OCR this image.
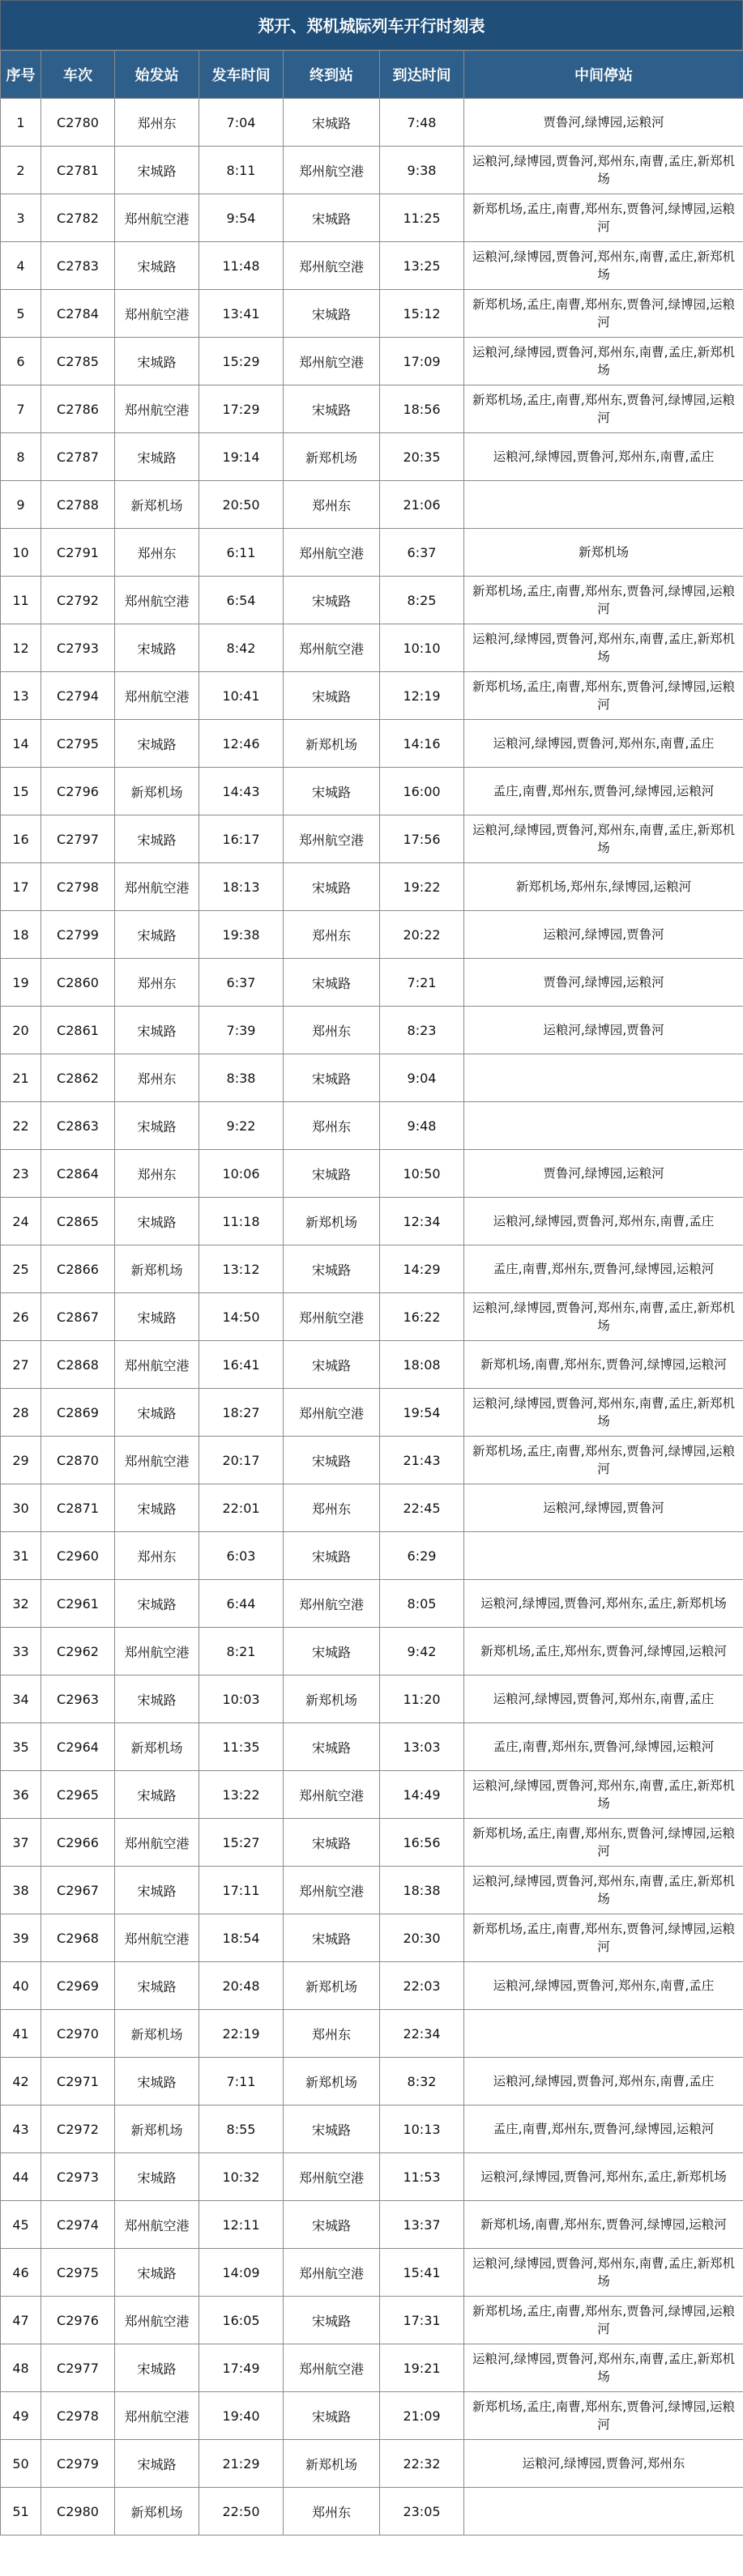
郑开、郑机城际列车开行时刻表
序号	车次	始发站	发车时间	终到站	到达时间	中间停站
1	C2780	郑州东	7:04	宋城路	7:48	贾鲁河,绿博园,运粮河
2	C2781	宋城路	8:11	郑州航空港	9:38	运粮河,绿博园,贾鲁河,郑州东,南曹,孟庄,新郑机场
3	C2782	郑州航空港	9:54	宋城路	11:25	新郑机场,孟庄,南曹,郑州东,贾鲁河,绿博园,运粮河
4	C2783	宋城路	11:48	郑州航空港	13:25	运粮河,绿博园,贾鲁河,郑州东,南曹,孟庄,新郑机场
5	C2784	郑州航空港	13:41	宋城路	15:12	新郑机场,孟庄,南曹,郑州东,贾鲁河,绿博园,运粮河
6	C2785	宋城路	15:29	郑州航空港	17:09	运粮河,绿博园,贾鲁河,郑州东,南曹,孟庄,新郑机场
7	C2786	郑州航空港	17:29	宋城路	18:56	新郑机场,孟庄,南曹,郑州东,贾鲁河,绿博园,运粮河
8	C2787	宋城路	19:14	新郑机场	20:35	运粮河,绿博园,贾鲁河,郑州东,南曹,孟庄
9	C2788	新郑机场	20:50	郑州东	21:06	
10	C2791	郑州东	6:11	郑州航空港	6:37	新郑机场
11	C2792	郑州航空港	6:54	宋城路	8:25	新郑机场,孟庄,南曹,郑州东,贾鲁河,绿博园,运粮河
12	C2793	宋城路	8:42	郑州航空港	10:10	运粮河,绿博园,贾鲁河,郑州东,南曹,孟庄,新郑机场
13	C2794	郑州航空港	10:41	宋城路	12:19	新郑机场,孟庄,南曹,郑州东,贾鲁河,绿博园,运粮河
14	C2795	宋城路	12:46	新郑机场	14:16	运粮河,绿博园,贾鲁河,郑州东,南曹,孟庄
15	C2796	新郑机场	14:43	宋城路	16:00	孟庄,南曹,郑州东,贾鲁河,绿博园,运粮河
16	C2797	宋城路	16:17	郑州航空港	17:56	运粮河,绿博园,贾鲁河,郑州东,南曹,孟庄,新郑机场
17	C2798	郑州航空港	18:13	宋城路	19:22	新郑机场,郑州东,绿博园,运粮河
18	C2799	宋城路	19:38	郑州东	20:22	运粮河,绿博园,贾鲁河
19	C2860	郑州东	6:37	宋城路	7:21	贾鲁河,绿博园,运粮河
20	C2861	宋城路	7:39	郑州东	8:23	运粮河,绿博园,贾鲁河
21	C2862	郑州东	8:38	宋城路	9:04	
22	C2863	宋城路	9:22	郑州东	9:48	
23	C2864	郑州东	10:06	宋城路	10:50	贾鲁河,绿博园,运粮河
24	C2865	宋城路	11:18	新郑机场	12:34	运粮河,绿博园,贾鲁河,郑州东,南曹,孟庄
25	C2866	新郑机场	13:12	宋城路	14:29	孟庄,南曹,郑州东,贾鲁河,绿博园,运粮河
26	C2867	宋城路	14:50	郑州航空港	16:22	运粮河,绿博园,贾鲁河,郑州东,南曹,孟庄,新郑机场
27	C2868	郑州航空港	16:41	宋城路	18:08	新郑机场,南曹,郑州东,贾鲁河,绿博园,运粮河
28	C2869	宋城路	18:27	郑州航空港	19:54	运粮河,绿博园,贾鲁河,郑州东,南曹,孟庄,新郑机场
29	C2870	郑州航空港	20:17	宋城路	21:43	新郑机场,孟庄,南曹,郑州东,贾鲁河,绿博园,运粮河
30	C2871	宋城路	22:01	郑州东	22:45	运粮河,绿博园,贾鲁河
31	C2960	郑州东	6:03	宋城路	6:29	
32	C2961	宋城路	6:44	郑州航空港	8:05	运粮河,绿博园,贾鲁河,郑州东,孟庄,新郑机场
33	C2962	郑州航空港	8:21	宋城路	9:42	新郑机场,孟庄,郑州东,贾鲁河,绿博园,运粮河
34	C2963	宋城路	10:03	新郑机场	11:20	运粮河,绿博园,贾鲁河,郑州东,南曹,孟庄
35	C2964	新郑机场	11:35	宋城路	13:03	孟庄,南曹,郑州东,贾鲁河,绿博园,运粮河
36	C2965	宋城路	13:22	郑州航空港	14:49	运粮河,绿博园,贾鲁河,郑州东,南曹,孟庄,新郑机场
37	C2966	郑州航空港	15:27	宋城路	16:56	新郑机场,孟庄,南曹,郑州东,贾鲁河,绿博园,运粮河
38	C2967	宋城路	17:11	郑州航空港	18:38	运粮河,绿博园,贾鲁河,郑州东,南曹,孟庄,新郑机场
39	C2968	郑州航空港	18:54	宋城路	20:30	新郑机场,孟庄,南曹,郑州东,贾鲁河,绿博园,运粮河
40	C2969	宋城路	20:48	新郑机场	22:03	运粮河,绿博园,贾鲁河,郑州东,南曹,孟庄
41	C2970	新郑机场	22:19	郑州东	22:34	
42	C2971	宋城路	7:11	新郑机场	8:32	运粮河,绿博园,贾鲁河,郑州东,南曹,孟庄
43	C2972	新郑机场	8:55	宋城路	10:13	孟庄,南曹,郑州东,贾鲁河,绿博园,运粮河
44	C2973	宋城路	10:32	郑州航空港	11:53	运粮河,绿博园,贾鲁河,郑州东,孟庄,新郑机场
45	C2974	郑州航空港	12:11	宋城路	13:37	新郑机场,南曹,郑州东,贾鲁河,绿博园,运粮河
46	C2975	宋城路	14:09	郑州航空港	15:41	运粮河,绿博园,贾鲁河,郑州东,南曹,孟庄,新郑机场
47	C2976	郑州航空港	16:05	宋城路	17:31	新郑机场,孟庄,南曹,郑州东,贾鲁河,绿博园,运粮河
48	C2977	宋城路	17:49	郑州航空港	19:21	运粮河,绿博园,贾鲁河,郑州东,南曹,孟庄,新郑机场
49	C2978	郑州航空港	19:40	宋城路	21:09	新郑机场,孟庄,南曹,郑州东,贾鲁河,绿博园,运粮河
50	C2979	宋城路	21:29	新郑机场	22:32	运粮河,绿博园,贾鲁河,郑州东
51	C2980	新郑机场	22:50	郑州东	23:05	
